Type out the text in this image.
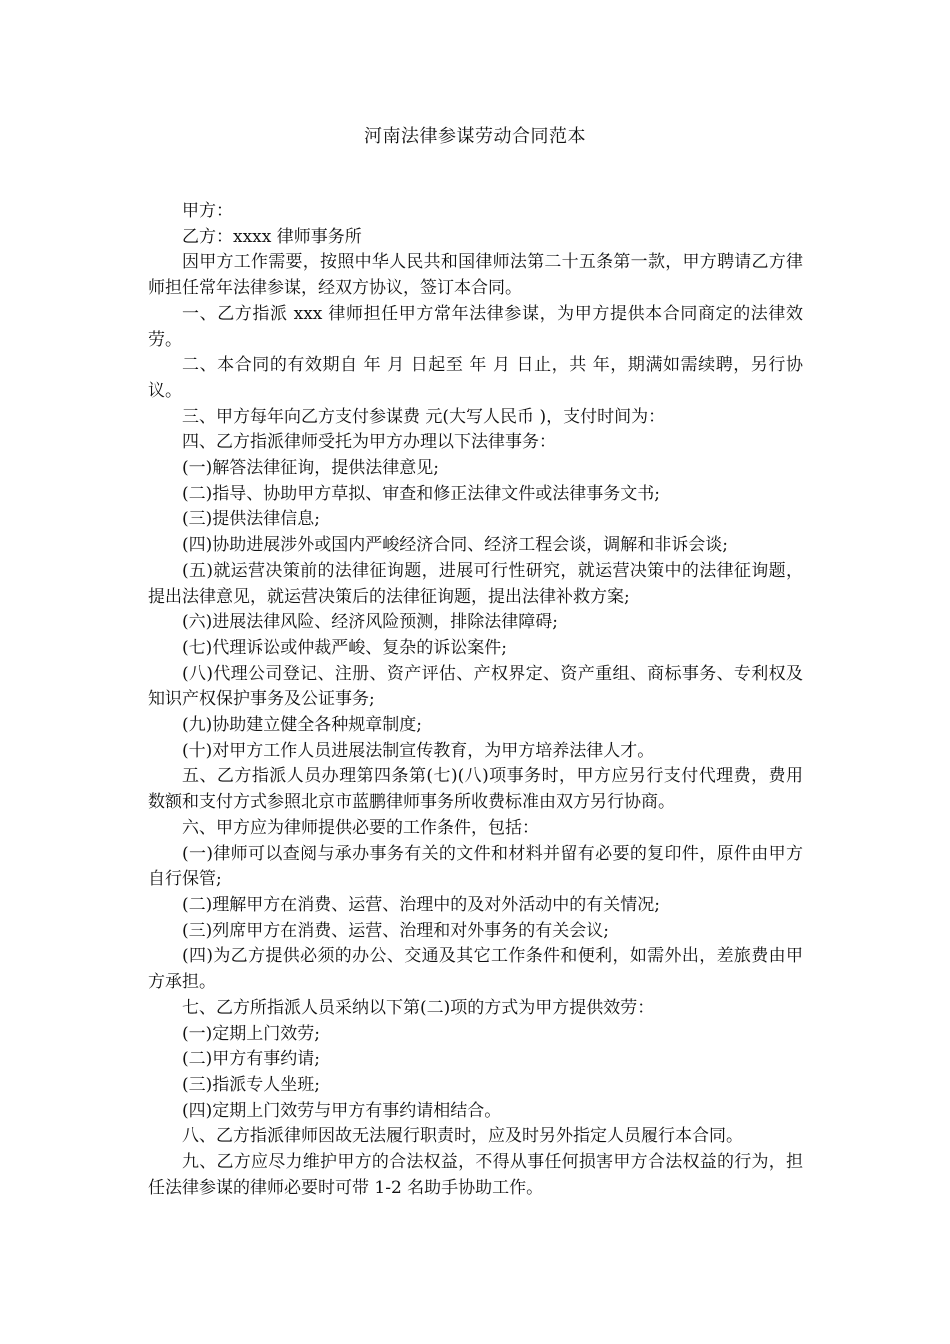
河南法律参谋劳动合同范本

甲方：

乙方：xxxx 律师事务所

因甲方工作需要，按照中华人民共和国律师法第二十五条第一款，甲方聘请乙方律师担任常年法律参谋，经双方协议，签订本合同。

一、乙方指派 xxx 律师担任甲方常年法律参谋，为甲方提供本合同商定的法律效劳。

二、本合同的有效期自 年 月 日起至 年 月 日止，共 年，期满如需续聘，另行协议。

三、甲方每年向乙方支付参谋费 元(大写人民币 )，支付时间为：

四、乙方指派律师受托为甲方办理以下法律事务：

(一)解答法律征询，提供法律意见;

(二)指导、协助甲方草拟、审查和修正法律文件或法律事务文书;

(三)提供法律信息;

(四)协助进展涉外或国内严峻经济合同、经济工程会谈，调解和非诉会谈;

(五)就运营决策前的法律征询题，进展可行性研究，就运营决策中的法律征询题，提出法律意见，就运营决策后的法律征询题，提出法律补救方案;

(六)进展法律风险、经济风险预测，排除法律障碍;

(七)代理诉讼或仲裁严峻、复杂的诉讼案件;

(八)代理公司登记、注册、资产评估、产权界定、资产重组、商标事务、专利权及知识产权保护事务及公证事务;

(九)协助建立健全各种规章制度;

(十)对甲方工作人员进展法制宣传教育，为甲方培养法律人才。

五、乙方指派人员办理第四条第(七)(八)项事务时，甲方应另行支付代理费，费用数额和支付方式参照北京市蓝鹏律师事务所收费标准由双方另行协商。

六、甲方应为律师提供必要的工作条件，包括：

(一)律师可以查阅与承办事务有关的文件和材料并留有必要的复印件，原件由甲方自行保管;

(二)理解甲方在消费、运营、治理中的及对外活动中的有关情况;

(三)列席甲方在消费、运营、治理和对外事务的有关会议;

(四)为乙方提供必须的办公、交通及其它工作条件和便利，如需外出，差旅费由甲方承担。

七、乙方所指派人员采纳以下第(二)项的方式为甲方提供效劳：

(一)定期上门效劳;

(二)甲方有事约请;

(三)指派专人坐班;

(四)定期上门效劳与甲方有事约请相结合。

八、乙方指派律师因故无法履行职责时，应及时另外指定人员履行本合同。

九、乙方应尽力维护甲方的合法权益，不得从事任何损害甲方合法权益的行为，担任法律参谋的律师必要时可带 1-2 名助手协助工作。
